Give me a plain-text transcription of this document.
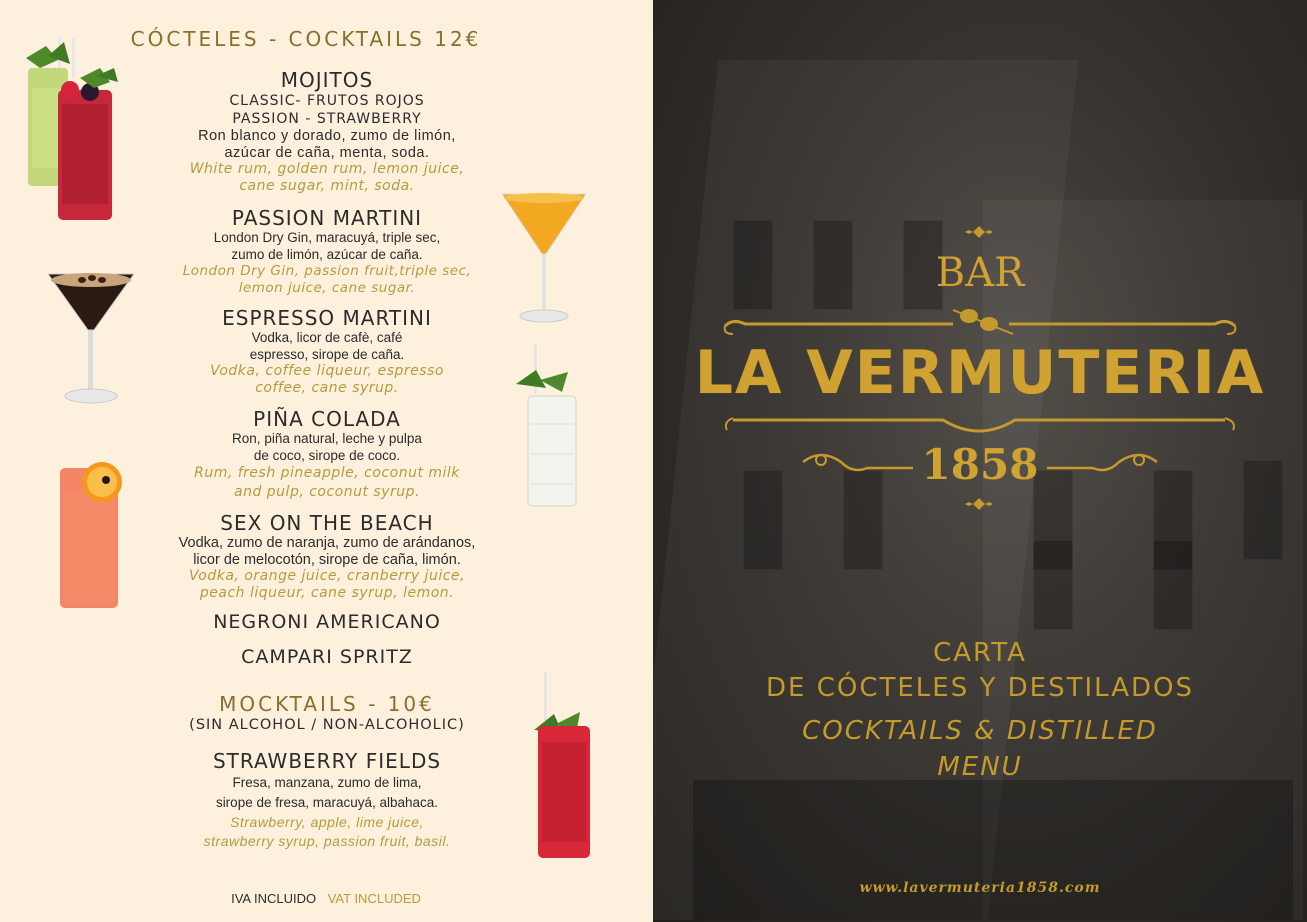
CÓCTELES - COCKTAILS 12€
MOJITOS
CLASSIC- FRUTOS ROJOS
PASSION - STRAWBERRY
Ron blanco y dorado, zumo de limón,
azúcar de caña, menta, soda.
White rum, golden rum, lemon juice,
cane sugar, mint, soda.
PASSION MARTINI
London Dry Gin, maracuyá, triple sec,
zumo de limón, azúcar de caña.
London Dry Gin, passion fruit,triple sec,
lemon juice, cane sugar.
ESPRESSO MARTINI
Vodka, licor de cafè, café
espresso, sirope de caña.
Vodka, coffee liqueur, espresso
coffee, cane syrup.
PIÑA COLADA
Ron, piña natural, leche y pulpa
de coco, sirope de coco.
Rum, fresh pineapple, coconut milk
and pulp, coconut syrup.
SEX ON THE BEACH
Vodka, zumo de naranja, zumo de arándanos,
licor de melocotón, sirope de caña, limón.
Vodka, orange juice, cranberry juice,
peach liqueur, cane syrup, lemon.
NEGRONI AMERICANO
CAMPARI SPRITZ
MOCKTAILS - 10€
(SIN ALCOHOL / NON-ALCOHOLIC)
STRAWBERRY FIELDS
Fresa, manzana, zumo de lima,
sirope de fresa, maracuyá, albahaca.
Strawberry, apple, lime juice,
strawberry syrup, passion fruit, basil.
IVA INCLUIDO VAT INCLUDED
BAR
LA VERMUTERIA
1858
CARTA
DE CÓCTELES Y DESTILADOS
COCKTAILS & DISTILLED
MENU
www.lavermuteria1858.com
